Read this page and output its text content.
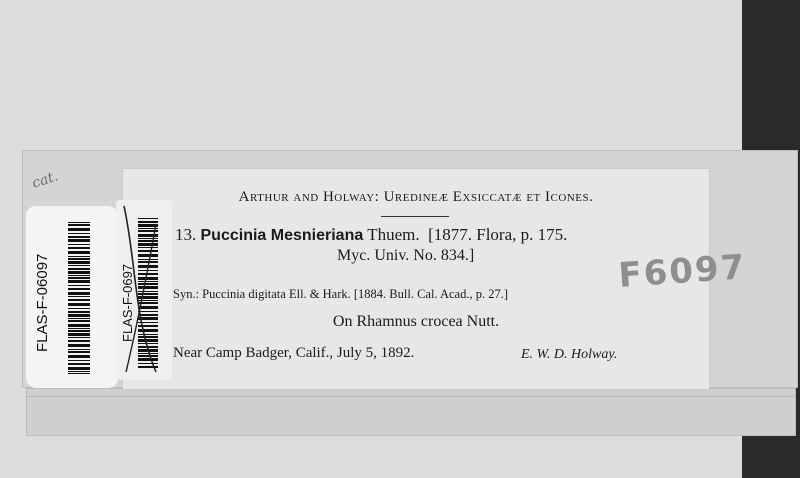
Arthur and Holway: Uredineæ Exsiccatæ et Icones.
13. Puccinia Mesnieriana Thuem. [1877. Flora, p. 175.
Myc. Univ. No. 834.]
Syn.: Puccinia digitata Ell. & Hark. [1884. Bull. Cal. Acad., p. 27.]
On Rhamnus crocea Nutt.
Near Camp Badger, Calif., July 5, 1892.	E. W. D. Holway.
F6097
cat.
FLAS-F-06097	FLAS-F-0697
